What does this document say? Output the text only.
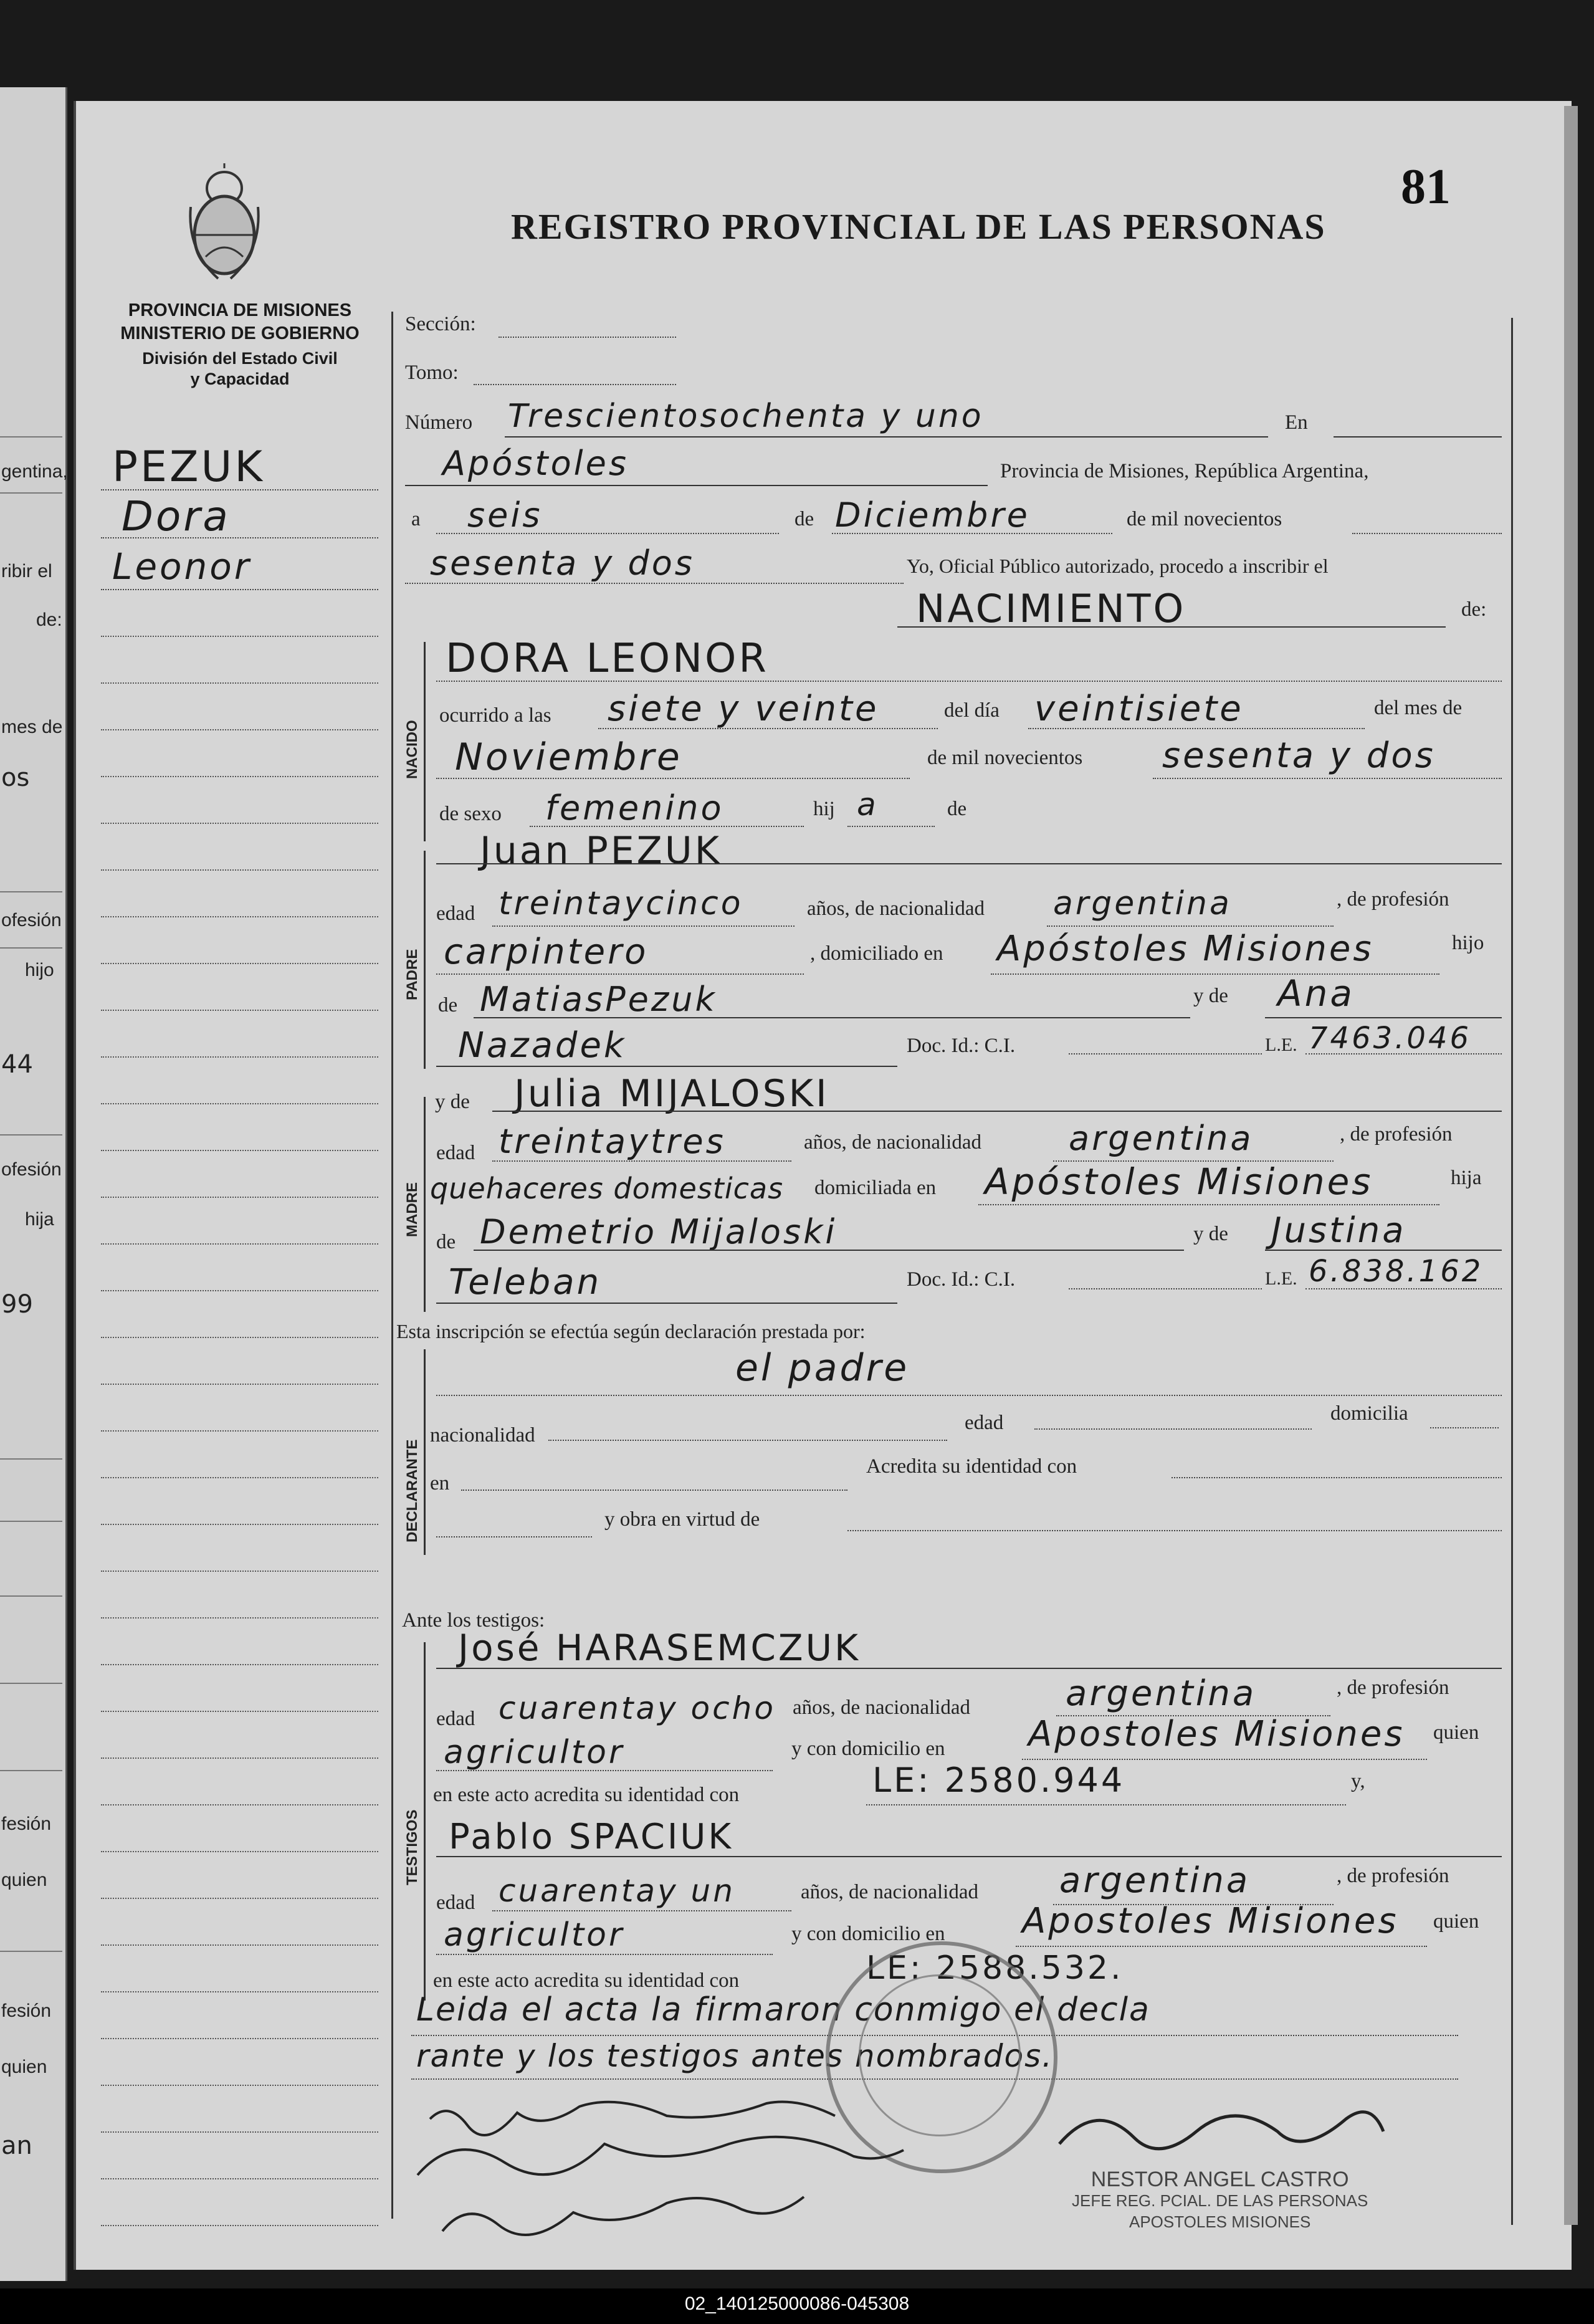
gentina,
ribir el
de:
mes de
os
ofesión
hijo
44
ofesión
hija
99
fesión
quien
fesión
quien
an
81
REGISTRO PROVINCIAL DE LAS PERSONAS
PROVINCIA DE MISIONES
MINISTERIO DE GOBIERNO
División del Estado Civil
y Capacidad
PEZUK
Dora
Leonor
Sección:
Tomo:
Número Trescientosochenta y uno	En
Apóstoles	Provincia de Misiones, República Argentina,
a seis	de Diciembre	de mil novecientos
sesenta y dos	Yo, Oficial Público autorizado, procedo a inscribir el
NACIMIENTO	de:
NACIDO
DORA LEONOR
ocurrido a las siete y veinte	del día veintisiete	del mes de
Noviembre	de mil novecientos sesenta y dos
de sexo femenino	hij a	de
PADRE
Juan PEZUK
edad treintaycinco	años, de nacionalidad argentina	, de profesión
carpintero	, domiciliado en Apóstoles Misiones	hijo
de MatiasPezuk	y de Ana
Nazadek	Doc. Id.: C.I.	L.E. 7463.046
MADRE
y de Julia MIJALOSKI
edad treintaytres	años, de nacionalidad	argentina	, de profesión
quehaceres domesticas domiciliada en Apóstoles Misiones	hija
de Demetrio Mijaloski	y de Justina
Teleban	Doc. Id.: C.I.	L.E. 6.838.162
Esta inscripción se efectúa según declaración prestada por:
DECLARANTE
el padre
nacionalidad
edad	domicilia
en
Acredita su identidad con
y obra en virtud de
Ante los testigos:
TESTIGOS
José HARASEMCZUK
edad cuarentay ocho años, de nacionalidad	argentina	, de profesión
agricultor	y con domicilio en Apostoles Misiones quien
en este acto acredita su identidad con	LE: 2580.944	y,
Pablo SPACIUK
edad cuarentay un	años, de nacionalidad argentina	, de profesión
agricultor	y con domicilio en Apostoles Misiones quien
en este acto acredita su identidad con	LE: 2588.532.
Leida el acta la firmaron conmigo el decla
rante y los testigos antes nombrados.
NESTOR ANGEL CASTRO
JEFE REG. PCIAL. DE LAS PERSONAS
APOSTOLES MISIONES
02_140125000086-045308
